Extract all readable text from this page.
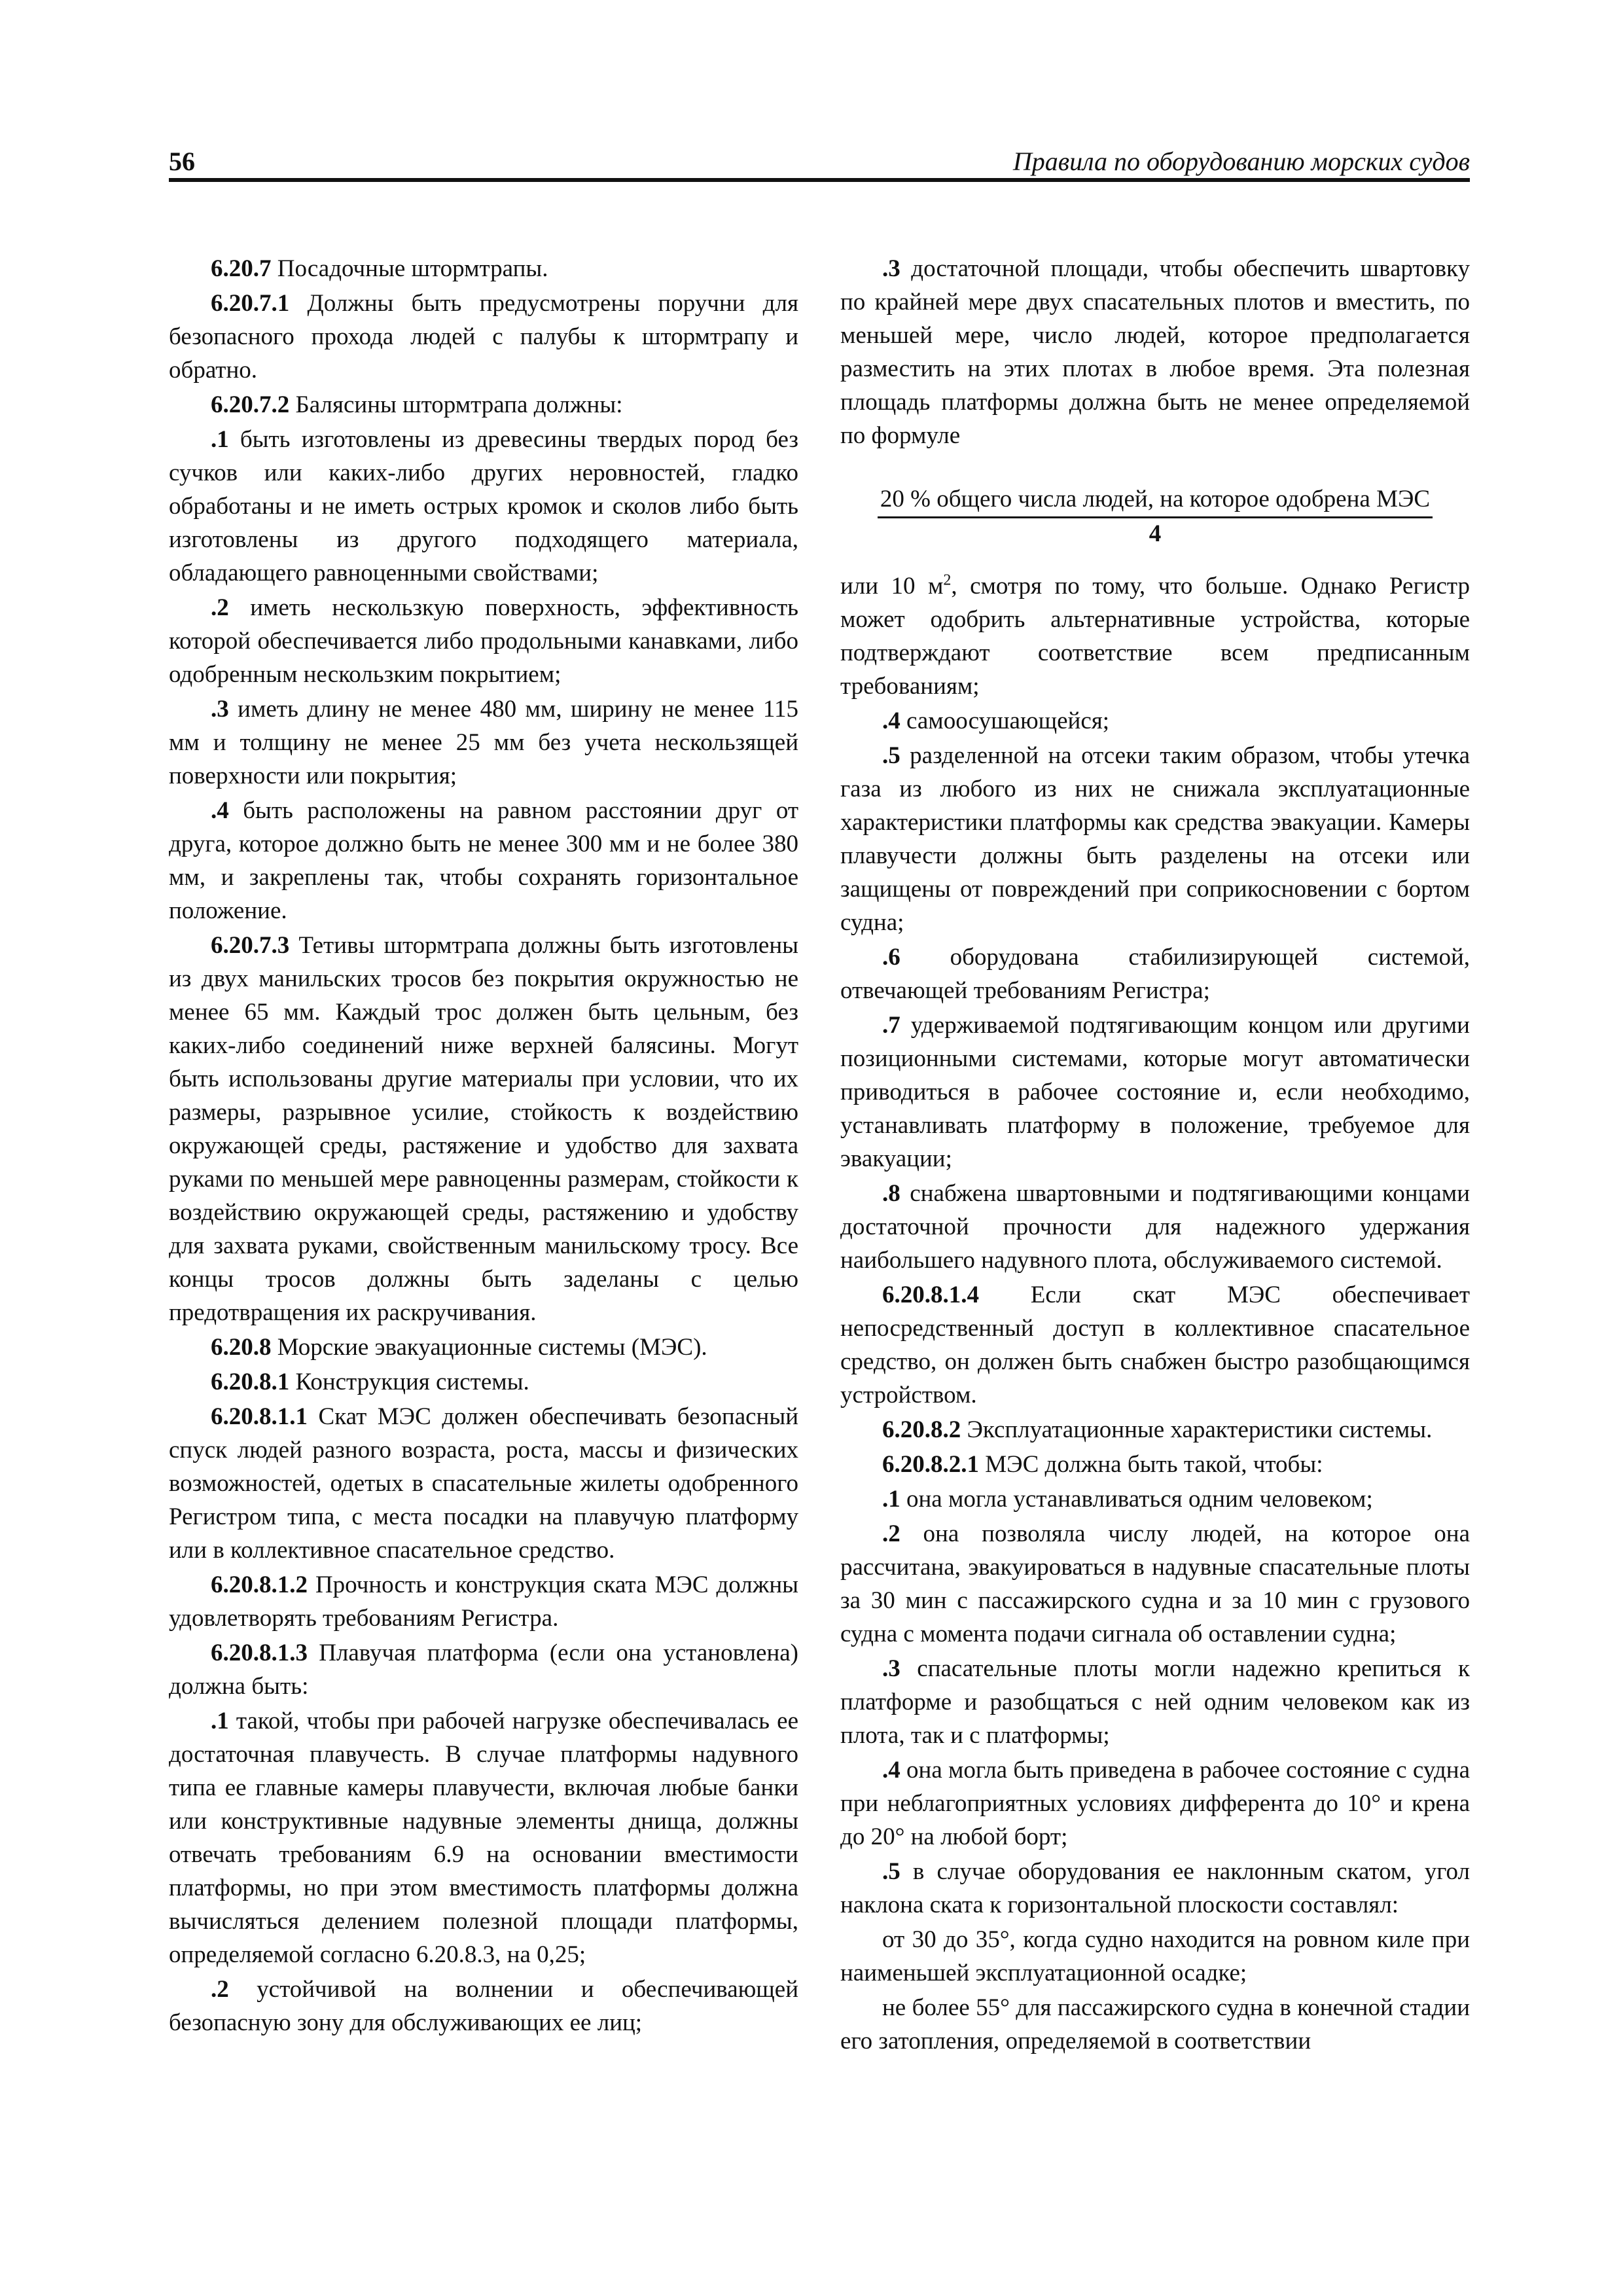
56	Правила по оборудованию морских судов

6.20.7 Посадочные штормтрапы.

6.20.7.1 Должны быть предусмотрены поручни для безопасного прохода людей с палубы к штормтрапу и обратно.

6.20.7.2 Балясины штормтрапа должны:

.1 быть изготовлены из древесины твердых пород без сучков или каких-либо других неровностей, гладко обработаны и не иметь острых кромок и сколов либо быть изготовлены из другого подходящего материала, обладающего равноценными свойствами;

.2 иметь нескользкую поверхность, эффективность которой обеспечивается либо продольными канавками, либо одобренным нескользким покрытием;

.3 иметь длину не менее 480 мм, ширину не менее 115 мм и толщину не менее 25 мм без учета нескользящей поверхности или покрытия;

.4 быть расположены на равном расстоянии друг от друга, которое должно быть не менее 300 мм и не более 380 мм, и закреплены так, чтобы сохранять горизонтальное положение.

6.20.7.3 Тетивы штормтрапа должны быть изготовлены из двух манильских тросов без покрытия окружностью не менее 65 мм. Каждый трос должен быть цельным, без каких-либо соединений ниже верхней балясины. Могут быть использованы другие материалы при условии, что их размеры, разрывное усилие, стойкость к воздействию окружающей среды, растяжение и удобство для захвата руками по меньшей мере равноценны размерам, стойкости к воздействию окружающей среды, растяжению и удобству для захвата руками, свойственным манильскому тросу. Все концы тросов должны быть заделаны с целью предотвращения их раскручивания.

6.20.8 Морские эвакуационные системы (МЭС).

6.20.8.1 Конструкция системы.

6.20.8.1.1 Скат МЭС должен обеспечивать безопасный спуск людей разного возраста, роста, массы и физических возможностей, одетых в спасательные жилеты одобренного Регистром типа, с места посадки на плавучую платформу или в коллективное спасательное средство.

6.20.8.1.2 Прочность и конструкция ската МЭС должны удовлетворять требованиям Регистра.

6.20.8.1.3 Плавучая платформа (если она установлена) должна быть:

.1 такой, чтобы при рабочей нагрузке обеспечивалась ее достаточная плавучесть. В случае платформы надувного типа ее главные камеры плавучести, включая любые банки или конструктивные надувные элементы днища, должны отвечать требованиям 6.9 на основании вместимости платформы, но при этом вместимость платформы должна вычисляться делением полезной площади платформы, определяемой согласно 6.20.8.3, на 0,25;

.2 устойчивой на волнении и обеспечивающей безопасную зону для обслуживающих ее лиц;

.3 достаточной площади, чтобы обеспечить швартовку по крайней мере двух спасательных плотов и вместить, по меньшей мере, число людей, которое предполагается разместить на этих плотах в любое время. Эта полезная площадь платформы должна быть не менее определяемой по формуле

20 % общего числа людей, на которое одобрена МЭС
4

или 10 $м^2$, смотря по тому, что больше. Однако Регистр может одобрить альтернативные устройства, которые подтверждают соответствие всем предписанным требованиям;

.4 самоосушающейся;

.5 разделенной на отсеки таким образом, чтобы утечка газа из любого из них не снижала эксплуатационные характеристики платформы как средства эвакуации. Камеры плавучести должны быть разделены на отсеки или защищены от повреждений при соприкосновении с бортом судна;

.6 оборудована стабилизирующей системой, отвечающей требованиям Регистра;

.7 удерживаемой подтягивающим концом или другими позиционными системами, которые могут автоматически приводиться в рабочее состояние и, если необходимо, устанавливать платформу в положение, требуемое для эвакуации;

.8 снабжена швартовными и подтягивающими концами достаточной прочности для надежного удержания наибольшего надувного плота, обслуживаемого системой.

6.20.8.1.4 Если скат МЭС обеспечивает непосредственный доступ в коллективное спасательное средство, он должен быть снабжен быстро разобщающимся устройством.

6.20.8.2 Эксплуатационные характеристики системы.

6.20.8.2.1 МЭС должна быть такой, чтобы:

.1 она могла устанавливаться одним человеком;

.2 она позволяла числу людей, на которое она рассчитана, эвакуироваться в надувные спасательные плоты за 30 мин с пассажирского судна и за 10 мин с грузового судна с момента подачи сигнала об оставлении судна;

.3 спасательные плоты могли надежно крепиться к платформе и разобщаться с ней одним человеком как из плота, так и с платформы;

.4 она могла быть приведена в рабочее состояние с судна при неблагоприятных условиях дифферента до 10° и крена до 20° на любой борт;

.5 в случае оборудования ее наклонным скатом, угол наклона ската к горизонтальной плоскости составлял:

от 30 до 35°, когда судно находится на ровном киле при наименьшей эксплуатационной осадке;

не более 55° для пассажирского судна в конечной стадии его затопления, определяемой в соответствии
